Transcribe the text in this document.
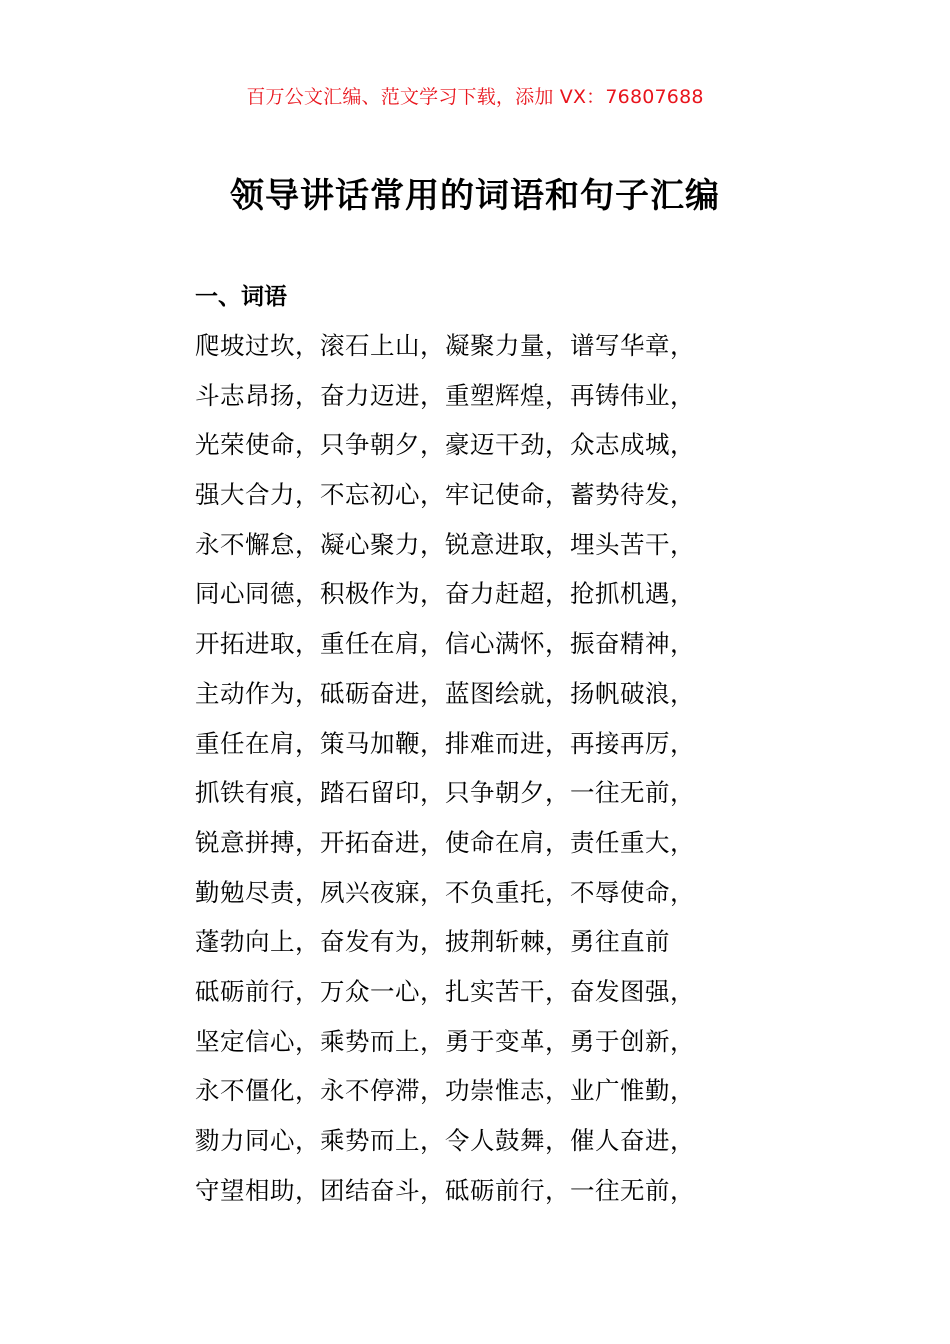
百万公文汇编、范文学习下载，添加 VX：76807688
领导讲话常用的词语和句子汇编
一、词语
爬坡过坎，滚石上山，凝聚力量，谱写华章，
斗志昂扬，奋力迈进，重塑辉煌，再铸伟业，
光荣使命，只争朝夕，豪迈干劲，众志成城，
强大合力，不忘初心，牢记使命，蓄势待发，
永不懈怠，凝心聚力，锐意进取，埋头苦干，
同心同德，积极作为，奋力赶超，抢抓机遇，
开拓进取，重任在肩，信心满怀，振奋精神，
主动作为，砥砺奋进，蓝图绘就，扬帆破浪，
重任在肩，策马加鞭，排难而进，再接再厉，
抓铁有痕，踏石留印，只争朝夕，一往无前，
锐意拼搏，开拓奋进，使命在肩，责任重大，
勤勉尽责，夙兴夜寐，不负重托，不辱使命，
蓬勃向上，奋发有为，披荆斩棘，勇往直前
砥砺前行，万众一心，扎实苦干，奋发图强，
坚定信心，乘势而上，勇于变革，勇于创新，
永不僵化，永不停滞，功崇惟志，业广惟勤，
勠力同心，乘势而上，令人鼓舞，催人奋进，
守望相助，团结奋斗，砥砺前行，一往无前，
